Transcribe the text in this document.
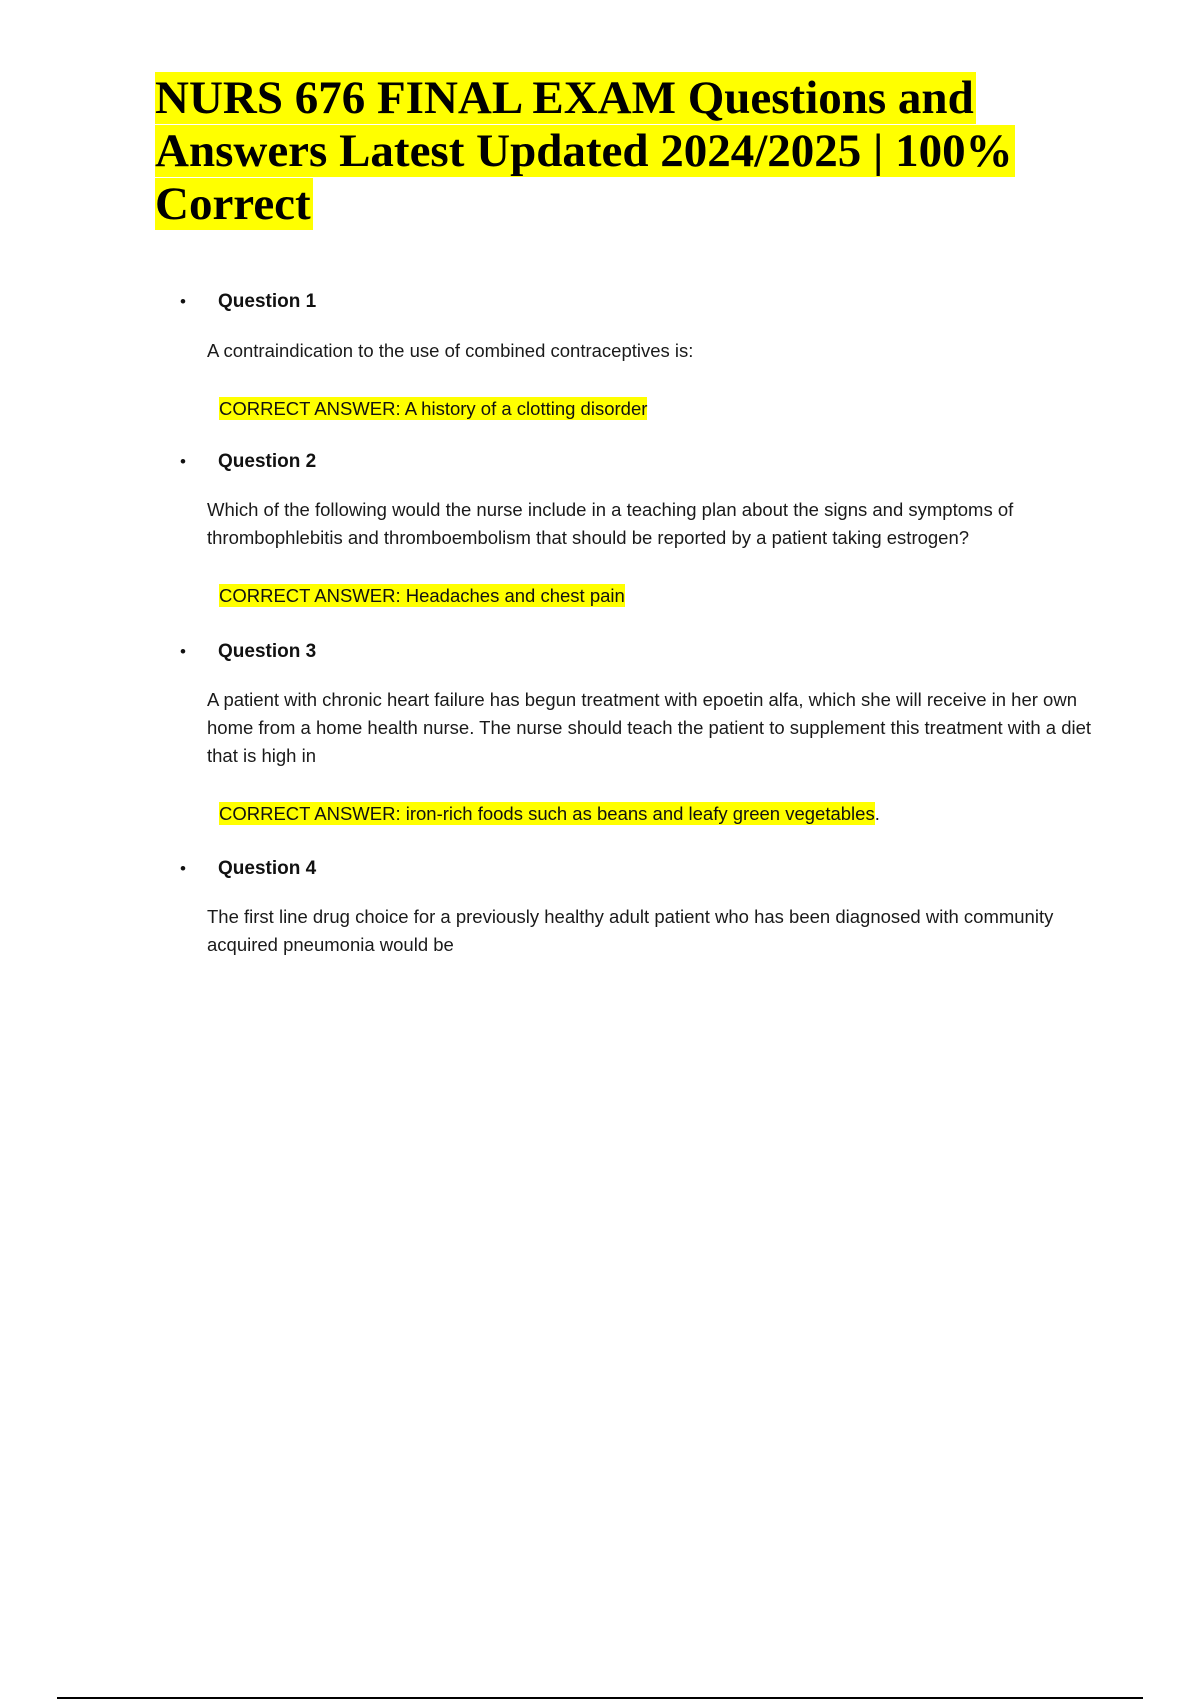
NURS 676 FINAL EXAM Questions and Answers Latest Updated 2024/2025 | 100% Correct
• Question 1

A contraindication to the use of combined contraceptives is:

CORRECT ANSWER: A history of a clotting disorder
• Question 2

Which of the following would the nurse include in a teaching plan about the signs and symptoms of thrombophlebitis and thromboembolism that should be reported by a patient taking estrogen?

CORRECT ANSWER: Headaches and chest pain
• Question 3

A patient with chronic heart failure has begun treatment with epoetin alfa, which she will receive in her own home from a home health nurse. The nurse should teach the patient to supplement this treatment with a diet that is high in

CORRECT ANSWER: iron-rich foods such as beans and leafy green vegetables.
• Question 4

The first line drug choice for a previously healthy adult patient who has been diagnosed with community acquired pneumonia would be
